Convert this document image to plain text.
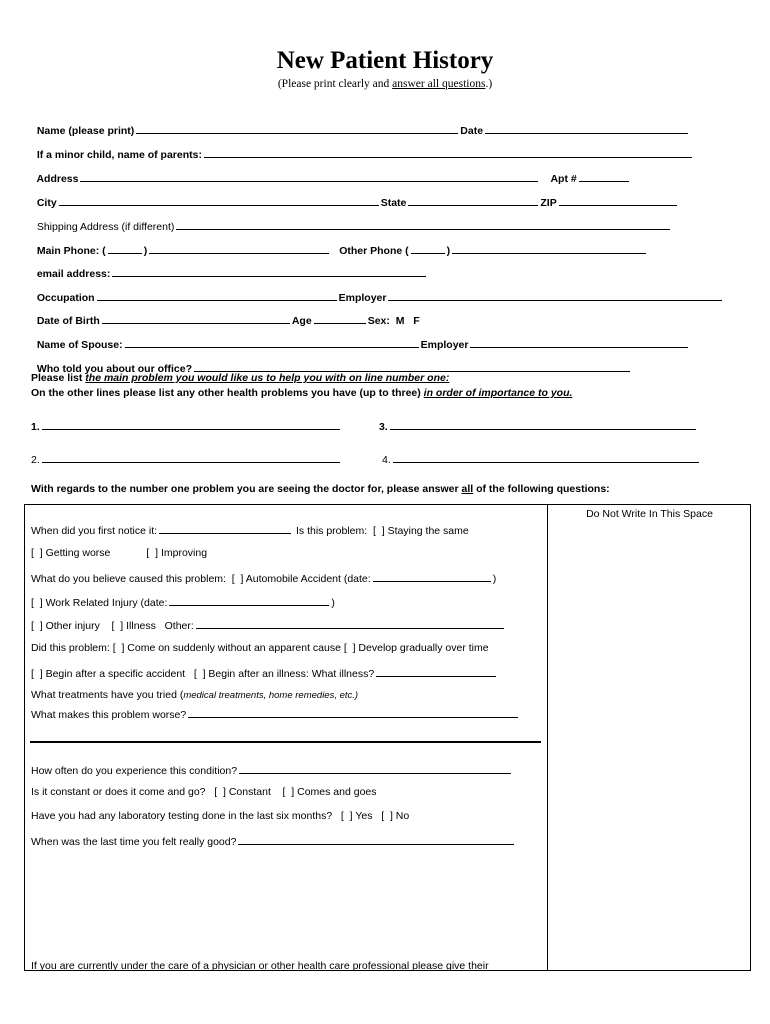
New Patient History
(Please print clearly and answer all questions.)

Name (please print)	Date

If a minor child, name of parents:

Address	Apt #

City	State	ZIP

Shipping Address (if different)

Main Phone: (	)	Other Phone (	)

email address:

Occupation	Employer

Date of Birth	Age	Sex:  M   F

Name of Spouse:	Employer

Who told you about our office?

Please list the main problem you would like us to help you with on line number one:
On the other lines please list any other health problems you have (up to three) in order of importance to you.
1.	3.
2.	4.
With regards to the number one problem you are seeing the doctor for, please answer all of the following questions:
Do Not Write In This Space
When did you first notice it:	Is this problem:  [  ] Staying the same
[  ] Getting worse	[  ] Improving
What do you believe caused this problem:  [  ] Automobile Accident (date:	)
[  ] Work Related Injury (date:	)
[  ] Other injury    [  ] Illness   Other:
Did this problem: [  ] Come on suddenly without an apparent cause [  ] Develop gradually over time
[  ] Begin after a specific accident   [  ] Begin after an illness: What illness?
What treatments have you tried (medical treatments, home remedies, etc.)
What makes this problem worse?
How often do you experience this condition?
Is it constant or does it come and go?   [  ] Constant    [  ] Comes and goes
Have you had any laboratory testing done in the last six months?   [  ] Yes   [  ] No
When was the last time you felt really good?
If you are currently under the care of a physician or other health care professional please give their
